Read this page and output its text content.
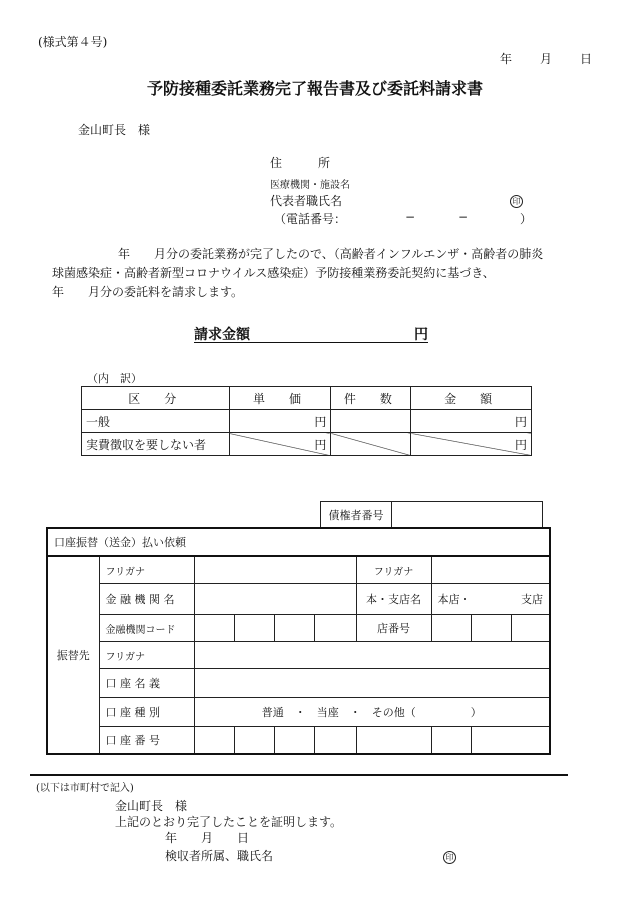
(様式第４号)
年 月 日
予防接種委託業務完了報告書及び委託料請求書
金山町長　様
住　　　所
医療機関・施設名
代表者職氏名	印
（電話番号：	−	−	）
年　　月分の委託業務が完了したので、（高齢者インフルエンザ・高齢者の肺炎
球菌感染症・高齢者新型コロナウイルス感染症）予防接種業務委託契約に基づき、
年　　月分の委託料を請求します。
請求金額	円
（内　訳）
区　分	単　価	件　数	金　額
一般	円		円
実費徴収を要しない者	円		円
債権者番号	
口座振替（送金）払い依頼									
振替先	フリガナ					フリガナ			
	金 融 機 関 名					本・支店名	本店・ 支店		

	金融機関コード					店番号			
	フリガナ								
	口 座 名 義								
	口 座 種 別	普通　・　当座　・　その他（　　　　　）							
	口 座 番 号								
(以下は市町村で記入)
金山町長　様
上記のとおり完了したことを証明します。
年　　月　　日
検収者所属、職氏名	印
